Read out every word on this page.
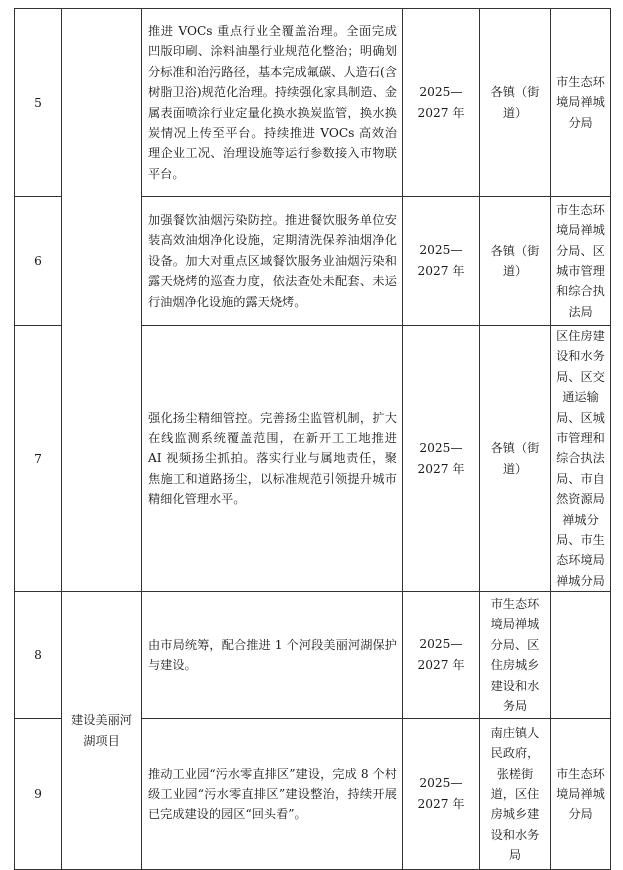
5		推进 VOCs 重点行业全覆盖治理。全面完成凹版印刷、涂料油墨行业规范化整治；明确划分标准和治污路径，基本完成氟碳、人造石(含树脂卫浴)规范化治理。持续强化家具制造、金属表面喷涂行业定量化换水换炭监管，换水换炭情况上传至平台。持续推进 VOCs 高效治理企业工况、治理设施等运行参数接入市物联平台。	2025—
2027 年	各镇（街道）	市生态环境局禅城分局
6		加强餐饮油烟污染防控。推进餐饮服务单位安装高效油烟净化设施，定期清洗保养油烟净化设备。加大对重点区域餐饮服务业油烟污染和露天烧烤的巡查力度，依法查处未配套、未运行油烟净化设施的露天烧烤。	2025—
2027 年	各镇（街道）	市生态环境局禅城分局、区城市管理和综合执法局
7		强化扬尘精细管控。完善扬尘监管机制，扩大在线监测系统覆盖范围，在新开工工地推进 AI 视频扬尘抓拍。落实行业与属地责任，聚焦施工和道路扬尘，以标准规范引领提升城市精细化管理水平。	2025—
2027 年	各镇（街道）	区住房建设和水务局、区交通运输局、区城市管理和综合执法局、市自然资源局禅城分局、市生态环境局禅城分局
8	建设美丽河湖项目	由市局统筹，配合推进 1 个河段美丽河湖保护与建设。	2025—
2027 年	市生态环境局禅城分局、区住房城乡建设和水务局	
9		推动工业园“污水零直排区”建设，完成 8 个村级工业园“污水零直排区”建设整治，持续开展已完成建设的园区“回头看”。	2025—
2027 年	南庄镇人民政府，张槎街道，区住房城乡建设和水务局	市生态环境局禅城分局
